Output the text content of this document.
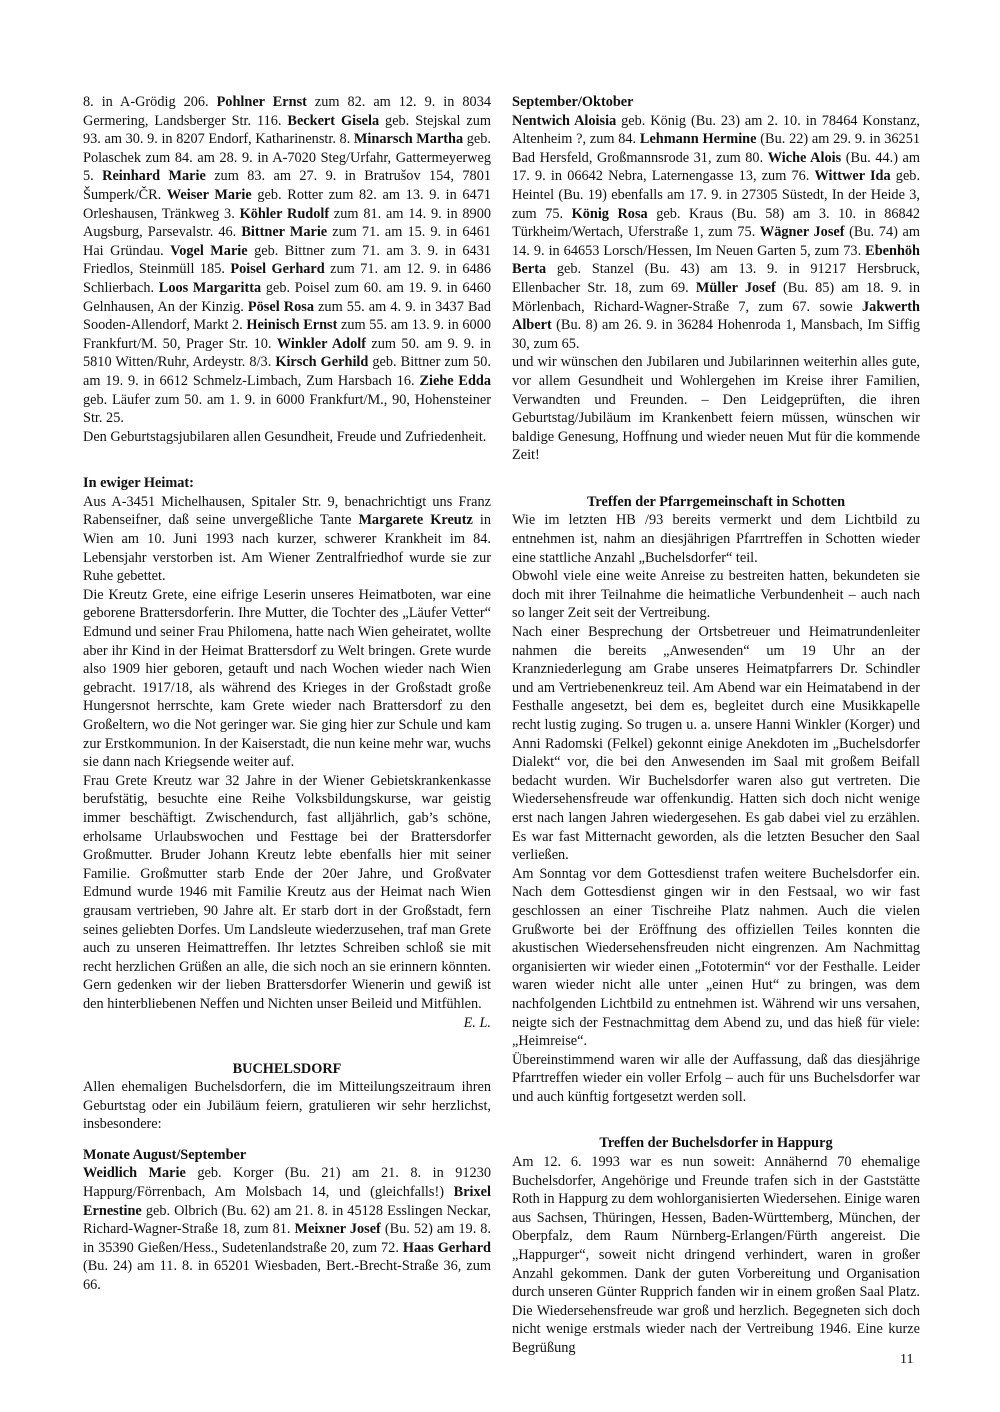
8. in A-Grödig 206. Pohlner Ernst zum 82. am 12. 9. in 8034 Germering, Landsberger Str. 116. Beckert Gisela geb. Stejskal zum 93. am 30. 9. in 8207 Endorf, Katharinenstr. 8. Minarsch Martha geb. Polaschek zum 84. am 28. 9. in A-7020 Steg/Urfahr, Gattermeyerweg 5. Reinhard Marie zum 83. am 27. 9. in Bratrušov 154, 7801 Šumperk/ČR. Weiser Marie geb. Rotter zum 82. am 13. 9. in 6471 Orleshausen, Tränkweg 3. Köhler Rudolf zum 81. am 14. 9. in 8900 Augsburg, Parsevalstr. 46. Bittner Marie zum 71. am 15. 9. in 6461 Hai Gründau. Vogel Marie geb. Bittner zum 71. am 3. 9. in 6431 Friedlos, Steinmüll 185. Poisel Gerhard zum 71. am 12. 9. in 6486 Schlierbach. Loos Margaritta geb. Poisel zum 60. am 19. 9. in 6460 Gelnhausen, An der Kinzig. Pösel Rosa zum 55. am 4. 9. in 3437 Bad Sooden-Allendorf, Markt 2. Heinisch Ernst zum 55. am 13. 9. in 6000 Frankfurt/M. 50, Prager Str. 10. Winkler Adolf zum 50. am 9. 9. in 5810 Witten/Ruhr, Ardeystr. 8/3. Kirsch Gerhild geb. Bittner zum 50. am 19. 9. in 6612 Schmelz-Limbach, Zum Harsbach 16. Ziehe Edda geb. Läufer zum 50. am 1. 9. in 6000 Frankfurt/M., 90, Hohensteiner Str. 25.

Den Geburtstagsjubilaren allen Gesundheit, Freude und Zufriedenheit.

In ewiger Heimat:

Aus A-3451 Michelhausen, Spitaler Str. 9, benachrichtigt uns Franz Rabenseifner, daß seine unvergeßliche Tante Margarete Kreutz in Wien am 10. Juni 1993 nach kurzer, schwerer Krankheit im 84. Lebensjahr verstorben ist. Am Wiener Zentralfriedhof wurde sie zur Ruhe gebettet.

Die Kreutz Grete, eine eifrige Leserin unseres Heimatboten, war eine geborene Brattersdorferin. Ihre Mutter, die Tochter des „Läufer Vetter“ Edmund und seiner Frau Philomena, hatte nach Wien geheiratet, wollte aber ihr Kind in der Heimat Brattersdorf zu Welt bringen. Grete wurde also 1909 hier geboren, getauft und nach Wochen wieder nach Wien gebracht. 1917/18, als während des Krieges in der Großstadt große Hungersnot herrschte, kam Grete wieder nach Brattersdorf zu den Großeltern, wo die Not geringer war. Sie ging hier zur Schule und kam zur Erstkommunion. In der Kaiserstadt, die nun keine mehr war, wuchs sie dann nach Kriegsende weiter auf.

Frau Grete Kreutz war 32 Jahre in der Wiener Gebietskrankenkasse berufstätig, besuchte eine Reihe Volksbildungskurse, war geistig immer beschäftigt. Zwischendurch, fast alljährlich, gab’s schöne, erholsame Urlaubswochen und Festtage bei der Brattersdorfer Großmutter. Bruder Johann Kreutz lebte ebenfalls hier mit seiner Familie. Großmutter starb Ende der 20er Jahre, und Großvater Edmund wurde 1946 mit Familie Kreutz aus der Heimat nach Wien grausam vertrieben, 90 Jahre alt. Er starb dort in der Großstadt, fern seines geliebten Dorfes. Um Landsleute wiederzusehen, traf man Grete auch zu unseren Heimattreffen. Ihr letztes Schreiben schloß sie mit recht herzlichen Grüßen an alle, die sich noch an sie erinnern könnten. Gern gedenken wir der lieben Brattersdorfer Wienerin und gewiß ist den hinterbliebenen Neffen und Nichten unser Beileid und Mitfühlen.
E. L.

BUCHELSDORF

Allen ehemaligen Buchelsdorfern, die im Mitteilungszeitraum ihren Geburtstag oder ein Jubiläum feiern, gratulieren wir sehr herzlichst, insbesondere:

Monate August/September

Weidlich Marie geb. Korger (Bu. 21) am 21. 8. in 91230 Happurg/Förrenbach, Am Molsbach 14, und (gleichfalls!) Brixel Ernestine geb. Olbrich (Bu. 62) am 21. 8. in 45128 Esslingen Neckar, Richard-Wagner-Straße 18, zum 81. Meixner Josef (Bu. 52) am 19. 8. in 35390 Gießen/Hess., Sudetenlandstraße 20, zum 72. Haas Gerhard (Bu. 24) am 11. 8. in 65201 Wiesbaden, Bert.-Brecht-Straße 36, zum 66.

September/Oktober

Nentwich Aloisia geb. König (Bu. 23) am 2. 10. in 78464 Konstanz, Altenheim ?, zum 84. Lehmann Hermine (Bu. 22) am 29. 9. in 36251 Bad Hersfeld, Großmannsrode 31, zum 80. Wiche Alois (Bu. 44.) am 17. 9. in 06642 Nebra, Laternengasse 13, zum 76. Wittwer Ida geb. Heintel (Bu. 19) ebenfalls am 17. 9. in 27305 Süstedt, In der Heide 3, zum 75. König Rosa geb. Kraus (Bu. 58) am 3. 10. in 86842 Türkheim/Wertach, Uferstraße 1, zum 75. Wägner Josef (Bu. 74) am 14. 9. in 64653 Lorsch/Hessen, Im Neuen Garten 5, zum 73. Ebenhöh Berta geb. Stanzel (Bu. 43) am 13. 9. in 91217 Hersbruck, Ellenbacher Str. 18, zum 69. Müller Josef (Bu. 85) am 18. 9. in Mörlenbach, Richard-Wagner-Straße 7, zum 67. sowie Jakwerth Albert (Bu. 8) am 26. 9. in 36284 Hohenroda 1, Mansbach, Im Siffig 30, zum 65.

und wir wünschen den Jubilaren und Jubilarinnen weiterhin alles gute, vor allem Gesundheit und Wohlergehen im Kreise ihrer Familien, Verwandten und Freunden. – Den Leidgeprüften, die ihren Geburtstag/Jubiläum im Krankenbett feiern müssen, wünschen wir baldige Genesung, Hoffnung und wieder neuen Mut für die kommende Zeit!

Treffen der Pfarrgemeinschaft in Schotten

Wie im letzten HB /93 bereits vermerkt und dem Lichtbild zu entnehmen ist, nahm an diesjährigen Pfarrtreffen in Schotten wieder eine stattliche Anzahl „Buchelsdorfer“ teil.

Obwohl viele eine weite Anreise zu bestreiten hatten, bekundeten sie doch mit ihrer Teilnahme die heimatliche Verbundenheit – auch nach so langer Zeit seit der Vertreibung.

Nach einer Besprechung der Ortsbetreuer und Heimatrundenleiter nahmen die bereits „Anwesenden“ um 19 Uhr an der Kranzniederlegung am Grabe unseres Heimatpfarrers Dr. Schindler und am Vertriebenenkreuz teil. Am Abend war ein Heimatabend in der Festhalle angesetzt, bei dem es, begleitet durch eine Musikkapelle recht lustig zuging. So trugen u. a. unsere Hanni Winkler (Korger) und Anni Radomski (Felkel) gekonnt einige Anekdoten im „Buchelsdorfer Dialekt“ vor, die bei den Anwesenden im Saal mit großem Beifall bedacht wurden. Wir Buchelsdorfer waren also gut vertreten. Die Wiedersehensfreude war offenkundig. Hatten sich doch nicht wenige erst nach langen Jahren wiedergesehen. Es gab dabei viel zu erzählen. Es war fast Mitternacht geworden, als die letzten Besucher den Saal verließen.

Am Sonntag vor dem Gottesdienst trafen weitere Buchelsdorfer ein. Nach dem Gottesdienst gingen wir in den Festsaal, wo wir fast geschlossen an einer Tischreihe Platz nahmen. Auch die vielen Grußworte bei der Eröffnung des offiziellen Teiles konnten die akustischen Wiedersehensfreuden nicht eingrenzen. Am Nachmittag organisierten wir wieder einen „Fototermin“ vor der Festhalle. Leider waren wieder nicht alle unter „einen Hut“ zu bringen, was dem nachfolgenden Lichtbild zu entnehmen ist. Während wir uns versahen, neigte sich der Festnachmittag dem Abend zu, und das hieß für viele: „Heimreise“.

Übereinstimmend waren wir alle der Auffassung, daß das diesjährige Pfarrtreffen wieder ein voller Erfolg – auch für uns Buchelsdorfer war und auch künftig fortgesetzt werden soll.

Treffen der Buchelsdorfer in Happurg

Am 12. 6. 1993 war es nun soweit: Annähernd 70 ehemalige Buchelsdorfer, Angehörige und Freunde trafen sich in der Gaststätte Roth in Happurg zu dem wohlorganisierten Wiedersehen. Einige waren aus Sachsen, Thüringen, Hessen, Baden-Württemberg, München, der Oberpfalz, dem Raum Nürnberg-Erlangen/Fürth angereist. Die „Happurger“, soweit nicht dringend verhindert, waren in großer Anzahl gekommen. Dank der guten Vorbereitung und Organisation durch unseren Günter Rupprich fanden wir in einem großen Saal Platz. Die Wiedersehensfreude war groß und herzlich. Begegneten sich doch nicht wenige erstmals wieder nach der Vertreibung 1946. Eine kurze Begrüßung

11
